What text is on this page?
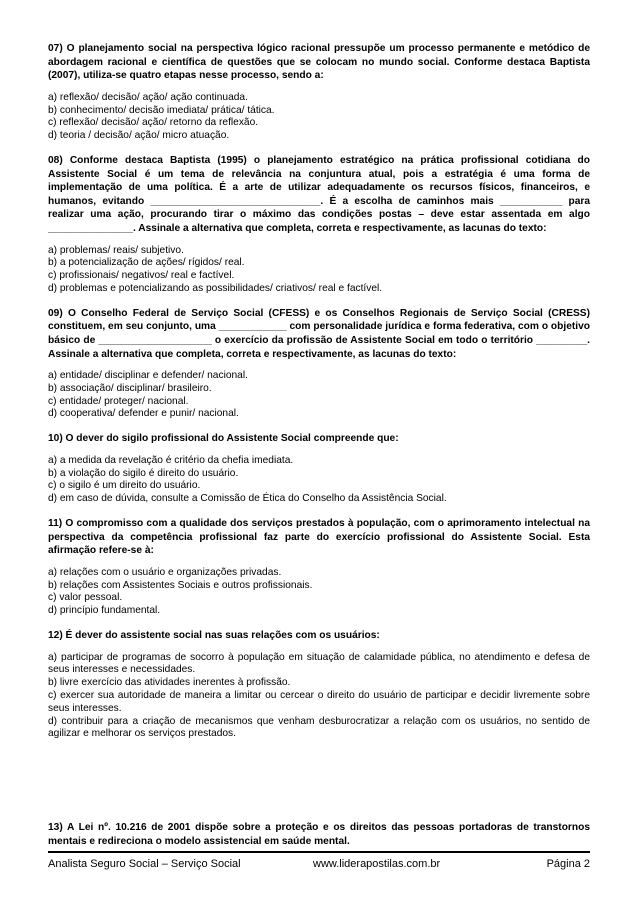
07) O planejamento social na perspectiva lógico racional pressupõe um processo permanente e metódico de abordagem racional e científica de questões que se colocam no mundo social. Conforme destaca Baptista (2007), utiliza-se quatro etapas nesse processo, sendo a:

a) reflexão/ decisão/ ação/ ação continuada.

b) conhecimento/ decisão imediata/ prática/ tática.

c) reflexão/ decisão/ ação/ retorno da reflexão.

d) teoria / decisão/ ação/ micro atuação.

08) Conforme destaca Baptista (1995) o planejamento estratégico na prática profissional cotidiana do Assistente Social é um tema de relevância na conjuntura atual, pois a estratégia é uma forma de implementação de uma política. É a arte de utilizar adequadamente os recursos físicos, financeiros, e humanos, evitando ______________________________. É a escolha de caminhos mais ___________ para realizar uma ação, procurando tirar o máximo das condições postas – deve estar assentada em algo _______________. Assinale a alternativa que completa, correta e respectivamente, as lacunas do texto:

a) problemas/ reais/ subjetivo.

b) a potencialização de ações/ rígidos/ real.

c) profissionais/ negativos/ real e factível.

d) problemas e potencializando as possibilidades/ criativos/ real e factível.

09) O Conselho Federal de Serviço Social (CFESS) e os Conselhos Regionais de Serviço Social (CRESS) constituem, em seu conjunto, uma ____________ com personalidade jurídica e forma federativa, com o objetivo básico de ____________________ o exercício da profissão de Assistente Social em todo o território _________. Assinale a alternativa que completa, correta e respectivamente, as lacunas do texto:

a) entidade/ disciplinar e defender/ nacional.

b) associação/ disciplinar/ brasileiro.

c) entidade/ proteger/ nacional.

d) cooperativa/ defender e punir/ nacional.

10) O dever do sigilo profissional do Assistente Social compreende que:

a) a medida da revelação é critério da chefia imediata.

b) a violação do sigilo é direito do usuário.

c) o sigilo é um direito do usuário.

d) em caso de dúvida, consulte a Comissão de Ética do Conselho da Assistência Social.

11) O compromisso com a qualidade dos serviços prestados à população, com o aprimoramento intelectual na perspectiva da competência profissional faz parte do exercício profissional do Assistente Social. Esta afirmação refere-se à:

a) relações com o usuário e organizações privadas.

b) relações com Assistentes Sociais e outros profissionais.

c) valor pessoal.

d) princípio fundamental.

12) É dever do assistente social nas suas relações com os usuários:

a) participar de programas de socorro à população em situação de calamidade pública, no atendimento e defesa de seus interesses e necessidades.

b) livre exercício das atividades inerentes à profissão.

c) exercer sua autoridade de maneira a limitar ou cercear o direito do usuário de participar e decidir livremente sobre seus interesses.

d) contribuir para a criação de mecanismos que venham desburocratizar a relação com os usuários, no sentido de agilizar e melhorar os serviços prestados.

13) A Lei nº. 10.216 de 2001 dispõe sobre a proteção e os direitos das pessoas portadoras de transtornos mentais e redireciona o modelo assistencial em saúde mental.

Analista Seguro Social – Serviço Social	www.liderapostilas.com.br	Página 2
